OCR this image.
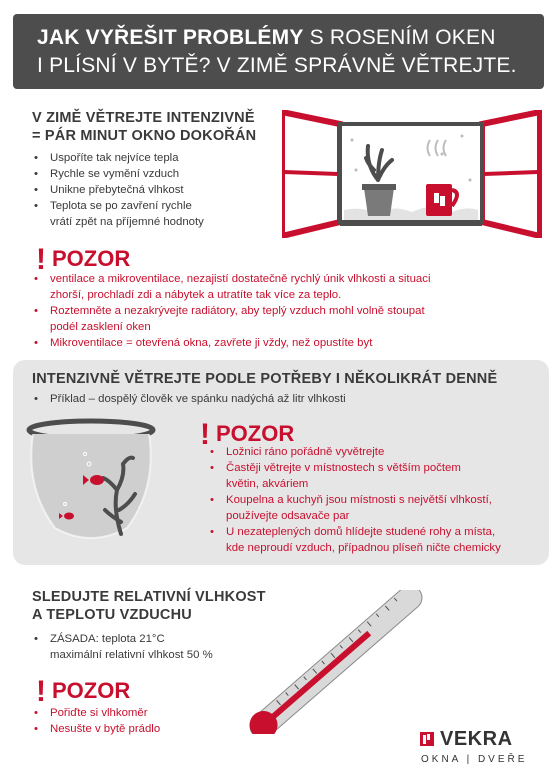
JAK VYŘEŠIT PROBLÉMY S ROSENÍM OKEN
I PLÍSNÍ V BYTĚ? V ZIMĚ SPRÁVNĚ VĚTREJTE.
V ZIMĚ VĚTREJTE INTENZIVNĚ
= PÁR MINUT OKNO DOKOŘÁN
• Uspoříte tak nejvíce tepla
• Rychle se vymění vzduch
• Unikne přebytečná vlhkost
• Teplota se po zavření rychle
vrátí zpět na příjemné hodnoty
! POZOR
• ventilace a mikroventilace, nezajistí dostatečně rychlý únik vlhkosti a situaci
zhorší, prochladí zdi a nábytek a utratíte tak více za teplo.
• Roztemněte a nezakrývejte radiátory, aby teplý vzduch mohl volně stoupat
podél zasklení oken
• Mikroventilace = otevřená okna, zavřete ji vždy, než opustíte byt
INTENZIVNĚ VĚTREJTE PODLE POTŘEBY I NĚKOLIKRÁT DENNĚ
• Příklad – dospělý člověk ve spánku nadýchá až litr vlhkosti
! POZOR
• Ložnici ráno pořádně vyvětrejte
• Častěji větrejte v místnostech s větším počtem
květin, akváriem
• Koupelna a kuchyň jsou místnosti s největší vlhkostí,
používejte odsavače par
• U nezateplených domů hlídejte studené rohy a místa,
kde neproudí vzduch, případnou plíseň ničte chemicky
SLEDUJTE RELATIVNÍ VLHKOST
A TEPLOTU VZDUCHU
• ZÁSADA: teplota 21°C
maximální relativní vlhkost 50 %
! POZOR
• Pořiďte si vlhkoměr
• Nesušte v bytě prádlo	VEKRA
OKNA | DVEŘE
